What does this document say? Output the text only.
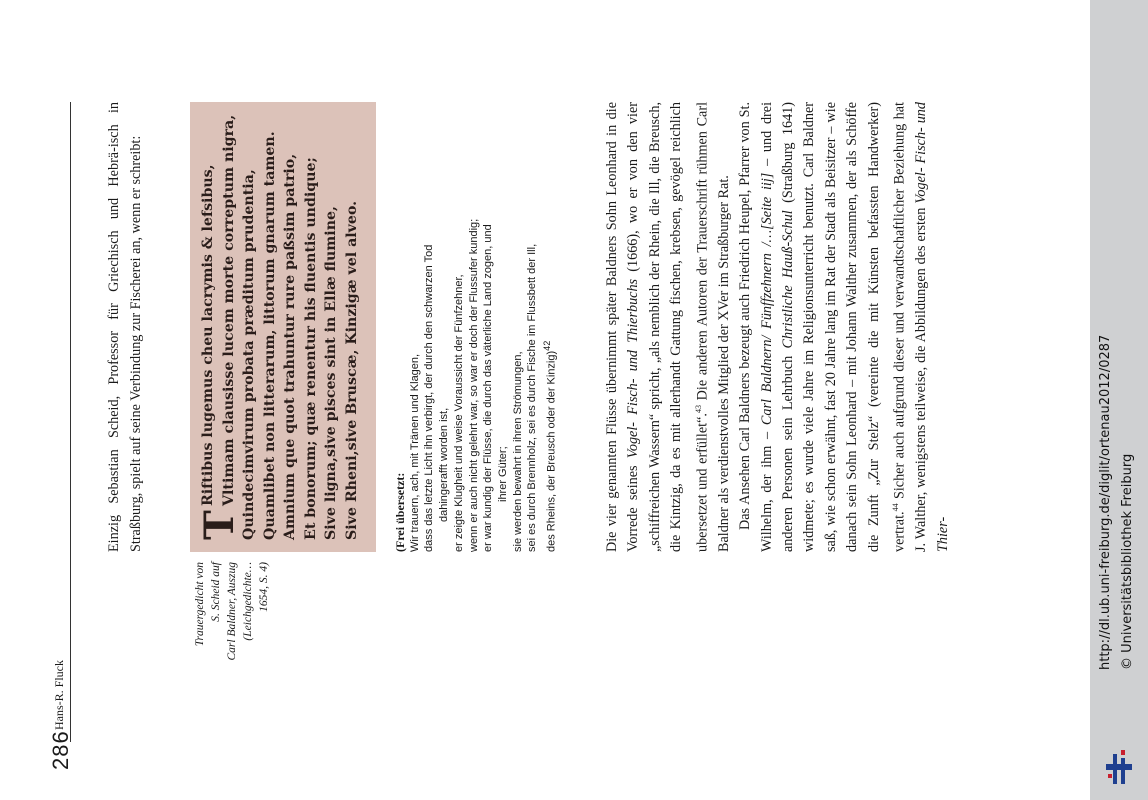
286
Hans-R. Fluck
Einzig Sebastian Scheid, Professor für Griechisch und Hebrä-isch in Straßburg, spielt auf seine Verbindung zur Fischerei an, wenn er schreibt:
Trauergedicht von S. Scheid auf Carl Baldner, Auszug (Leichgedichte… 1654, S. 4)
T
Riftibus lugemus cheu lacrymis & lefsibus, Vltimam clausisse lucem morte correptum nigra, Quindecimvirum probata præditum prudentia, Quamlibet non litterarum, littorum gnarum tamen. Amnium que quot trahuntur rure paßsim patrio, Et bonorum; quæ renentur his fluentis undique; Sive ligna,sive pisces sint in Ellæ flumine, Sive Rheni,sive Bruscæ, Kinzigæ vel alveo.	(Frei übersetzt: Wir trauern, ach, mit Tränen und Klagen, dass das letzte Licht ihn verbirgt, der durch den schwarzen Tod dahingerafft worden ist, er zeigte Klugheit und weise Voraussicht der Fünfzehner, wenn er auch nicht gelehrt war, so war er doch der Flussufer kundig; er war kundig der Flüsse, die durch das väterliche Land zogen, und ihrer Güter; sie werden bewahrt in ihren Strömungen, sei es durch Brennholz, sei es durch Fische im Flussbett der Ill, des Rheins, der Breusch oder der Kinzig)$^{42}$	Die vier genannten Flüsse übernimmt später Baldners Sohn Leonhard in die Vorrede seines Vogel- Fisch- und Thierbuchs (1666), wo er von den vier „schiffreichen Wassern“ spricht, „als nemblich der Rhein, die Ill, die Breusch, die Kintzig, da es mit allerhandt Gattung fischen, krebsen, gevögel reichlich ubersetzet und erfüllet“.$^{43}$ Die anderen Autoren der Trauerschrift rühmen Carl Baldner als verdienstvolles Mitglied der XVer im Straßburger Rat. Das Ansehen Carl Baldners bezeugt auch Friedrich Heupel, Pfarrer von St. Wilhelm, der ihm – Carl Baldnern/ Fünffzehnern /…[Seite iij] – und drei anderen Personen sein Lehrbuch Christliche Hauß-Schul (Straßburg 1641) widmete; es wurde viele Jahre im Religionsunterricht benutzt. Carl Baldner saß, wie schon erwähnt, fast 20 Jahre lang im Rat der Stadt als Beisitzer – wie danach sein Sohn Leonhard – mit Johann Walther zusammen, der als Schöffe die Zunft „Zur Stelz“ (vereinte die mit Künsten befassten Handwerker) vertrat.$^{44}$ Sicher auch aufgrund dieser und verwandtschaftlicher Beziehung hat J. Walther, wenigstens teilweise, die Abbildungen des ersten Vogel- Fisch- und Thier-	http://dl.ub.uni-freiburg.de/diglit/ortenau2012/0287 © Universitätsbibliothek Freiburg
